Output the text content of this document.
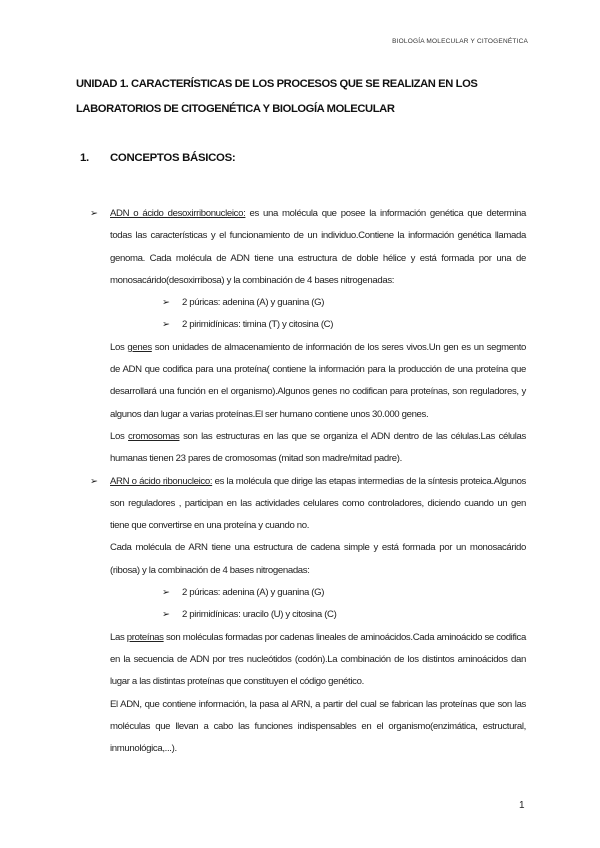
BIOLOGÍA MOLECULAR Y CITOGENÉTICA
UNIDAD 1. CARACTERÍSTICAS DE LOS PROCESOS QUE SE REALIZAN EN LOS LABORATORIOS DE CITOGENÉTICA Y BIOLOGÍA MOLECULAR
1. CONCEPTOS BÁSICOS:

➢ ADN o ácido desoxirribonucleico: es una molécula que posee la información genética que determina todas las características y el funcionamiento de un individuo.Contiene la información genética llamada genoma. Cada molécula de ADN tiene una estructura de doble hélice y está formada por una de monosacárido(desoxirribosa) y la combinación de 4 bases nitrogenadas:

➢ 2 púricas: adenina (A) y guanina (G)

➢ 2 pirimidínicas: timina (T) y citosina (C)

Los genes son unidades de almacenamiento de información de los seres vivos.Un gen es un segmento de ADN que codifica para una proteína( contiene la información para la producción de una proteína que desarrollará una función en el organismo).Algunos genes no codifican para proteínas, son reguladores, y algunos dan lugar a varias proteínas.El ser humano contiene unos 30.000 genes.

Los cromosomas son las estructuras en las que se organiza el ADN dentro de las células.Las células humanas tienen 23 pares de cromosomas (mitad son madre/mitad padre).

➢ ARN o ácido ribonucleico: es la molécula que dirige las etapas intermedias de la síntesis proteica.Algunos son reguladores , participan en las actividades celulares como controladores, diciendo cuando un gen tiene que convertirse en una proteína y cuando no.

Cada molécula de ARN tiene una estructura de cadena simple y está formada por un monosacárido (ribosa) y la combinación de 4 bases nitrogenadas:

➢ 2 púricas: adenina (A) y guanina (G)

➢ 2 pirimidínicas: uracilo (U) y citosina (C)

Las proteínas son moléculas formadas por cadenas lineales de aminoácidos.Cada aminoácido se codifica en la secuencia de ADN por tres nucleótidos (codón).La combinación de los distintos aminoácidos dan lugar a las distintas proteínas que constituyen el código genético.

El ADN, que contiene información, la pasa al ARN, a partir del cual se fabrican las proteínas que son las moléculas que llevan a cabo las funciones indispensables en el organismo(enzimática, estructural, inmunológica,...).

1
